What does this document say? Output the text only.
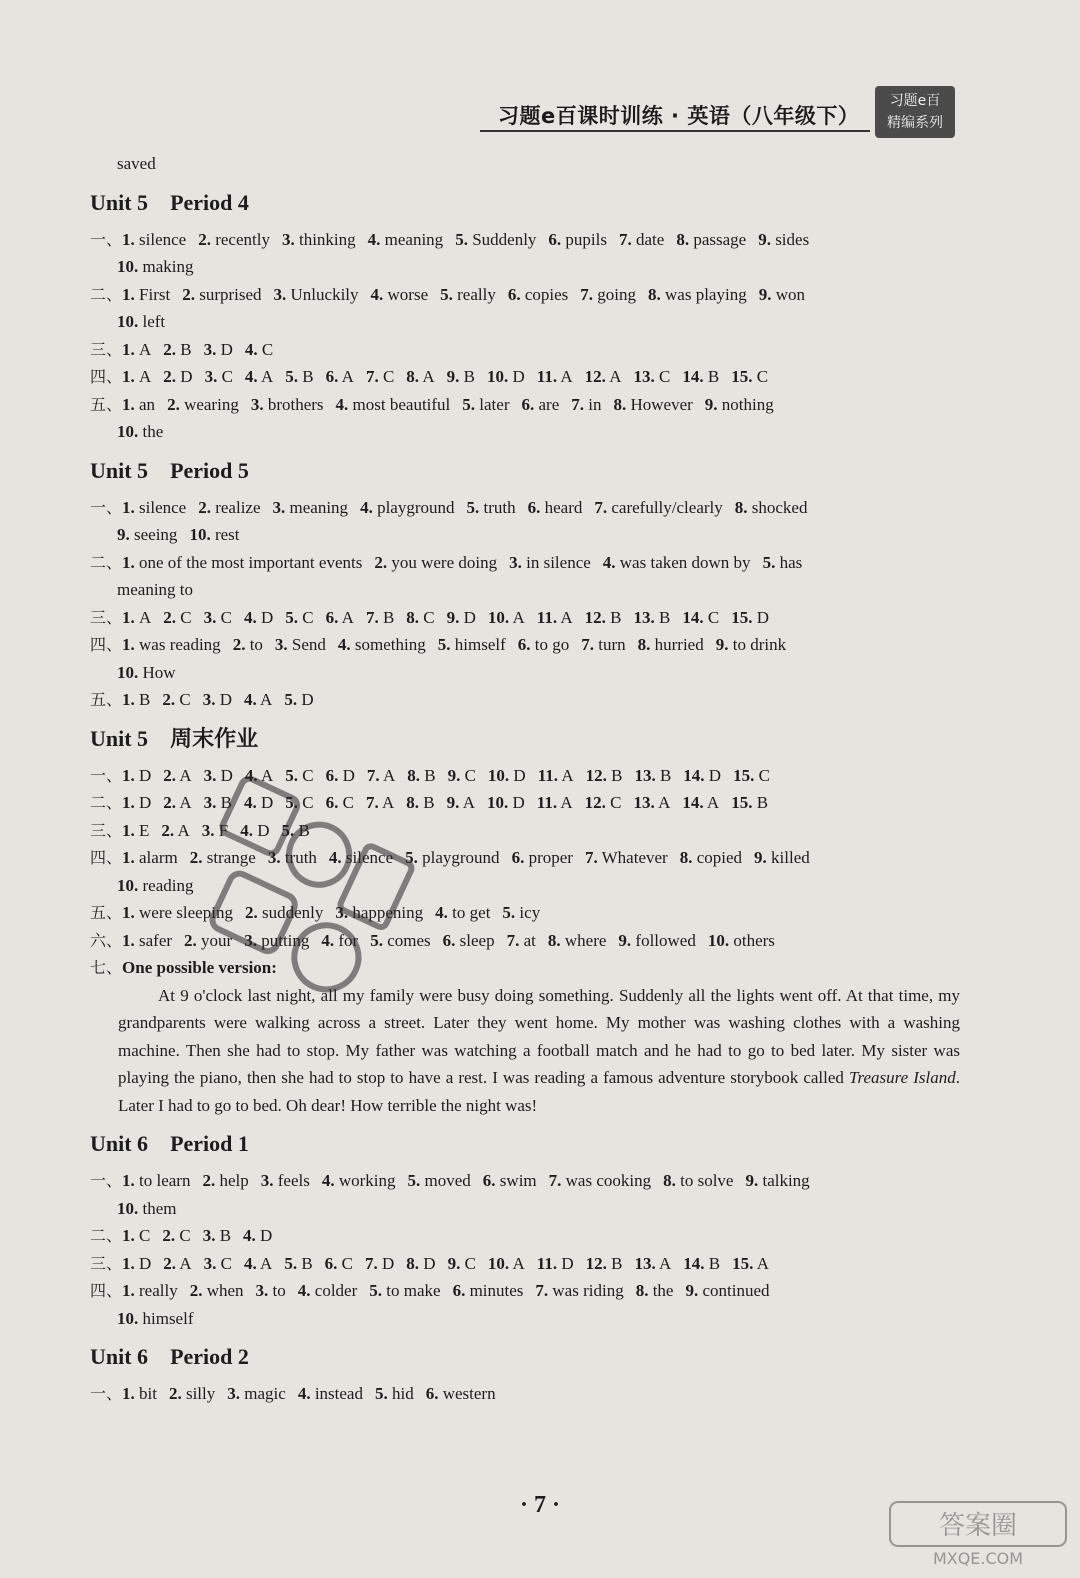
习题e百课时训练 · 英语（八年级下）
习题e百
精编系列
saved
Unit 5 Period 4
一、1. silence 2. recently 3. thinking 4. meaning 5. Suddenly 6. pupils 7. date 8. passage 9. sides
10. making
二、1. First 2. surprised 3. Unluckily 4. worse 5. really 6. copies 7. going 8. was playing 9. won
10. left
三、1. A 2. B 3. D 4. C
四、1. A 2. D 3. C 4. A 5. B 6. A 7. C 8. A 9. B 10. D 11. A 12. A 13. C 14. B 15. C
五、1. an 2. wearing 3. brothers 4. most beautiful 5. later 6. are 7. in 8. However 9. nothing
10. the
Unit 5 Period 5
一、1. silence 2. realize 3. meaning 4. playground 5. truth 6. heard 7. carefully/clearly 8. shocked
9. seeing 10. rest
二、1. one of the most important events 2. you were doing 3. in silence 4. was taken down by 5. has
meaning to
三、1. A 2. C 3. C 4. D 5. C 6. A 7. B 8. C 9. D 10. A 11. A 12. B 13. B 14. C 15. D
四、1. was reading 2. to 3. Send 4. something 5. himself 6. to go 7. turn 8. hurried 9. to drink
10. How
五、1. B 2. C 3. D 4. A 5. D
Unit 5 周末作业
一、1. D 2. A 3. D 4. A 5. C 6. D 7. A 8. B 9. C 10. D 11. A 12. B 13. B 14. D 15. C
二、1. D 2. A 3. B 4. D 5. C 6. C 7. A 8. B 9. A 10. D 11. A 12. C 13. A 14. A 15. B
三、1. E 2. A 3. F 4. D 5. B
四、1. alarm 2. strange 3. truth 4. silence 5. playground 6. proper 7. Whatever 8. copied 9. killed
10. reading
五、1. were sleeping 2. suddenly 3. happening 4. to get 5. icy
六、1. safer 2. your 3. putting 4. for 5. comes 6. sleep 7. at 8. where 9. followed 10. others
七、One possible version:

At 9 o'clock last night, all my family were busy doing something. Suddenly all the lights went off. At that time, my grandparents were walking across a street. Later they went home. My mother was washing clothes with a washing machine. Then she had to stop. My father was watching a football match and he had to go to bed later. My sister was playing the piano, then she had to stop to have a rest. I was reading a famous adventure storybook called Treasure Island. Later I had to go to bed. Oh dear! How terrible the night was!

Unit 6 Period 1
一、1. to learn 2. help 3. feels 4. working 5. moved 6. swim 7. was cooking 8. to solve 9. talking
10. them
二、1. C 2. C 3. B 4. D
三、1. D 2. A 3. C 4. A 5. B 6. C 7. D 8. D 9. C 10. A 11. D 12. B 13. A 14. B 15. A
四、1. really 2. when 3. to 4. colder 5. to make 6. minutes 7. was riding 8. the 9. continued
10. himself
Unit 6 Period 2
一、1. bit 2. silly 3. magic 4. instead 5. hid 6. western
· 7 ·
答案圈
MXQE.COM
